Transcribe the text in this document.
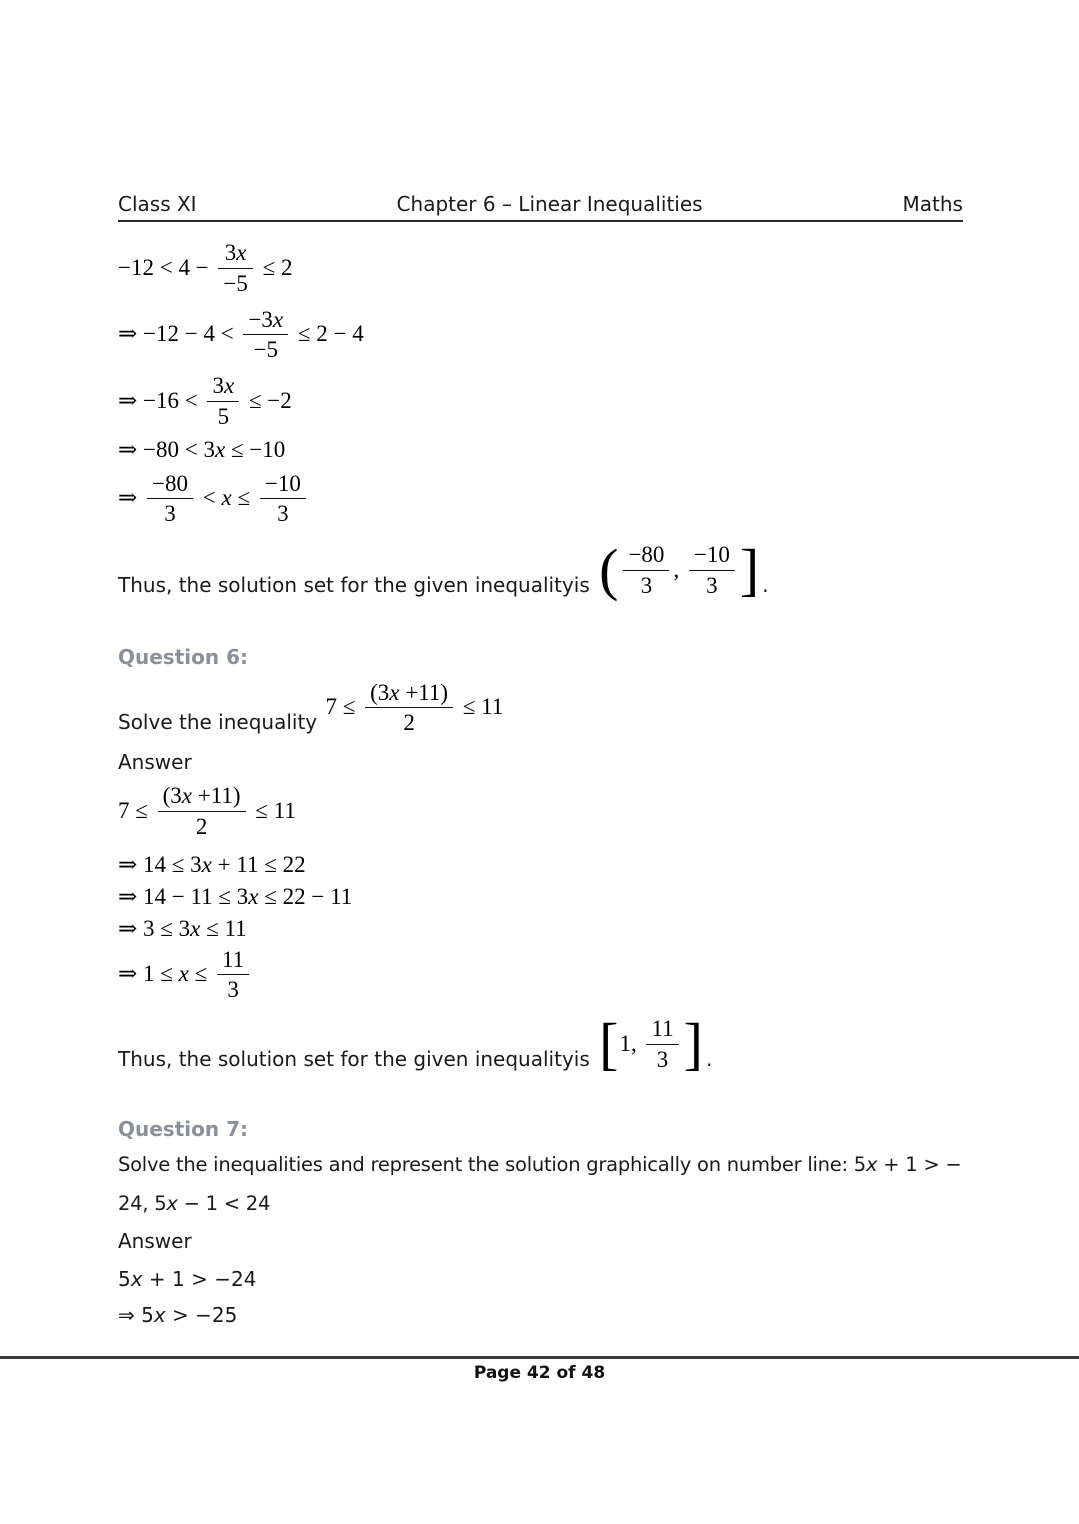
Class XI	Chapter 6 – Linear Inequalities	Maths
$-12 < 4 - \frac{3x}{-5} \le 2$
⇒ $-12 - 4 < \frac{-3x}{-5} \le 2 - 4$
⇒ $-16 < \frac{3x}{5} \le -2$
⇒ −80 < 3x ≤ −10
⇒ $\frac{-80}{3} < x \le \frac{-10}{3}$
Thus, the solution set for the given inequalityis ( $\frac{-80}{3}$ , $\frac{-10}{3}$ ] .
Question 6:
Solve the inequality
$7 \le \frac{(3x +11)}{2} \le 11$
Answer
$7 \le \frac{(3x +11)}{2} \le 11$
⇒ 14 ≤ 3x + 11 ≤ 22
⇒ 14 − 11 ≤ 3x ≤ 22 − 11
⇒ 3 ≤ 3x ≤ 11
⇒ $1 \le x \le \frac{11}{3}$
Thus, the solution set for the given inequalityis [ 1, $\frac{11}{3}$ ] .
Question 7:
Solve the inequalities and represent the solution graphically on number line: 5x + 1 > −
24, 5x − 1 < 24
Answer
5x + 1 > −24
⇒ 5x > −25
Page 42 of 48
